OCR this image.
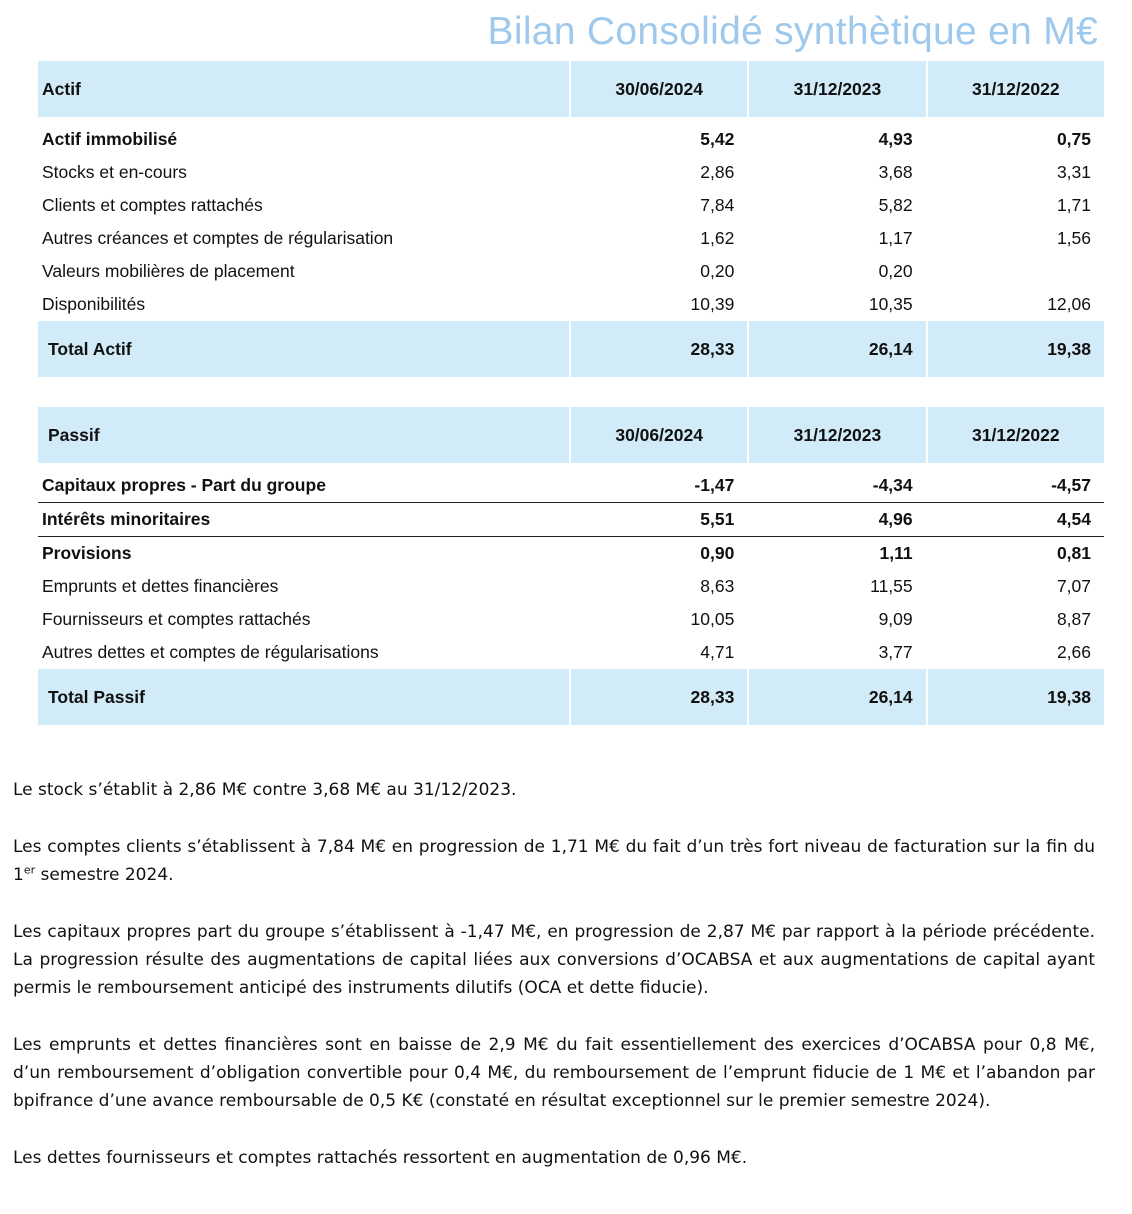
Bilan Consolidé synthètique en M€
Actif	30/06/2024	31/12/2023	31/12/2022

Actif immobilisé	5,42	4,93	0,75
Stocks et en-cours	2,86	3,68	3,31
Clients et comptes rattachés	7,84	5,82	1,71
Autres créances et comptes de régularisation	1,62	1,17	1,56
Valeurs mobilières de placement	0,20	0,20	
Disponibilités	10,39	10,35	12,06
Total Actif	28,33	26,14	19,38
Passif	30/06/2024	31/12/2023	31/12/2022

Capitaux propres - Part du groupe	-1,47	-4,34	-4,57
Intérêts minoritaires	5,51	4,96	4,54
Provisions	0,90	1,11	0,81
Emprunts et dettes financières	8,63	11,55	7,07
Fournisseurs et comptes rattachés	10,05	9,09	8,87
Autres dettes et comptes de régularisations	4,71	3,77	2,66
Total Passif	28,33	26,14	19,38

Le stock s’établit à 2,86 M€ contre 3,68 M€ au 31/12/2023.

Les comptes clients s’établissent à 7,84 M€ en progression de 1,71 M€ du fait d’un très fort niveau de facturation sur la fin du 1er semestre 2024.

Les capitaux propres part du groupe s’établissent à -1,47 M€, en progression de 2,87 M€ par rapport à la période précédente. La progression résulte des augmentations de capital liées aux conversions d’OCABSA et aux augmentations de capital ayant permis le remboursement anticipé des instruments dilutifs (OCA et dette fiducie).

Les emprunts et dettes financières sont en baisse de 2,9 M€ du fait essentiellement des exercices d’OCABSA pour 0,8 M€, d’un remboursement d’obligation convertible pour 0,4 M€, du remboursement de l’emprunt fiducie de 1 M€ et l’abandon par bpifrance d’une avance remboursable de 0,5 K€ (constaté en résultat exceptionnel sur le premier semestre 2024).

Les dettes fournisseurs et comptes rattachés ressortent en augmentation de 0,96 M€.
